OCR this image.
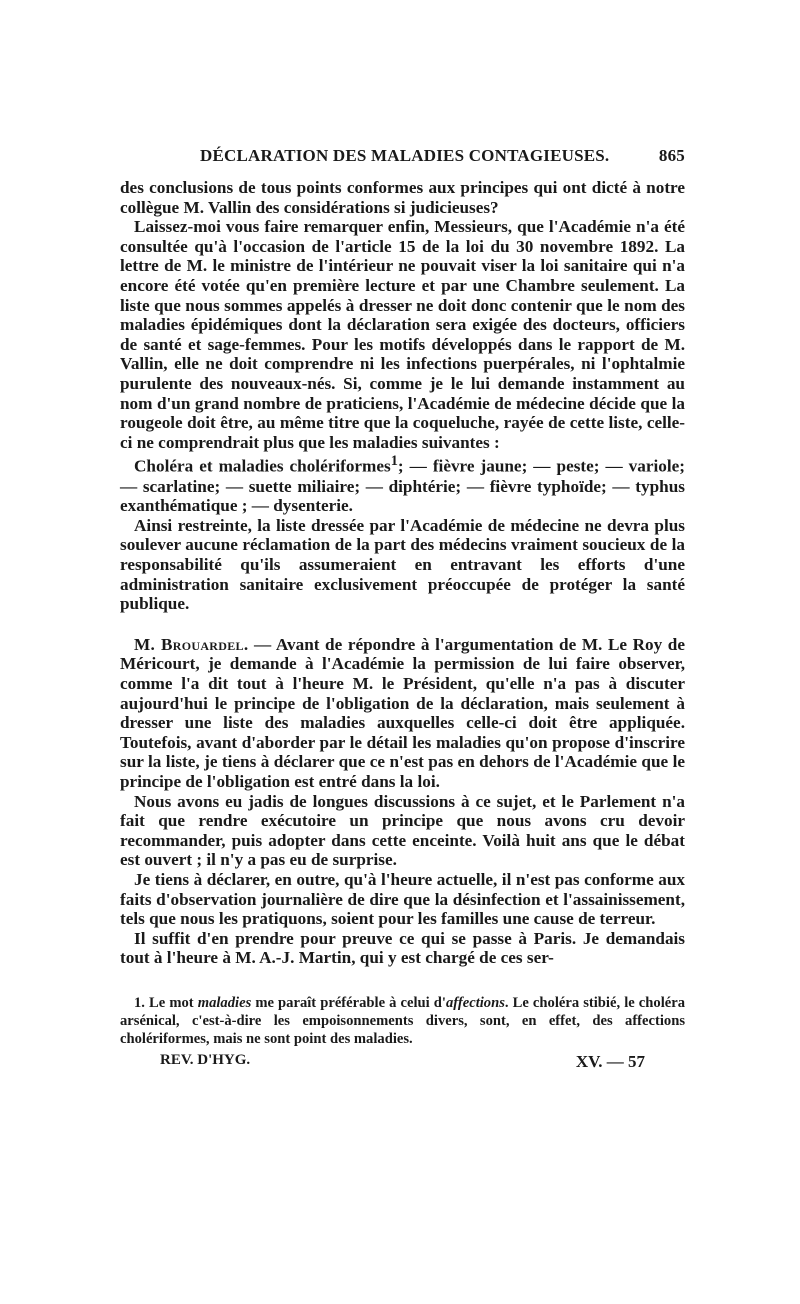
DÉCLARATION DES MALADIES CONTAGIEUSES.	865

des conclusions de tous points conformes aux principes qui ont dicté à notre collègue M. Vallin des considérations si judicieuses?

Laissez-moi vous faire remarquer enfin, Messieurs, que l'Académie n'a été consultée qu'à l'occasion de l'article 15 de la loi du 30 novembre 1892. La lettre de M. le ministre de l'intérieur ne pouvait viser la loi sanitaire qui n'a encore été votée qu'en première lecture et par une Chambre seulement. La liste que nous sommes appelés à dresser ne doit donc contenir que le nom des maladies épidémiques dont la déclaration sera exigée des docteurs, officiers de santé et sage-femmes. Pour les motifs développés dans le rapport de M. Vallin, elle ne doit comprendre ni les infections puerpérales, ni l'ophtalmie purulente des nouveaux-nés. Si, comme je le lui demande instamment au nom d'un grand nombre de praticiens, l'Académie de médecine décide que la rougeole doit être, au même titre que la coqueluche, rayée de cette liste, celle-ci ne comprendrait plus que les maladies suivantes :

Choléra et maladies cholériformes$^1$; — fièvre jaune; — peste; — variole; — scarlatine; — suette miliaire; — diphtérie; — fièvre typhoïde; — typhus exanthématique ; — dysenterie.

Ainsi restreinte, la liste dressée par l'Académie de médecine ne devra plus soulever aucune réclamation de la part des médecins vraiment soucieux de la responsabilité qu'ils assumeraient en entravant les efforts d'une administration sanitaire exclusivement préoccupée de protéger la santé publique.

M. Brouardel. — Avant de répondre à l'argumentation de M. Le Roy de Méricourt, je demande à l'Académie la permission de lui faire observer, comme l'a dit tout à l'heure M. le Président, qu'elle n'a pas à discuter aujourd'hui le principe de l'obligation de la déclaration, mais seulement à dresser une liste des maladies auxquelles celle-ci doit être appliquée. Toutefois, avant d'aborder par le détail les maladies qu'on propose d'inscrire sur la liste, je tiens à déclarer que ce n'est pas en dehors de l'Académie que le principe de l'obligation est entré dans la loi.

Nous avons eu jadis de longues discussions à ce sujet, et le Parlement n'a fait que rendre exécutoire un principe que nous avons cru devoir recommander, puis adopter dans cette enceinte. Voilà huit ans que le débat est ouvert ; il n'y a pas eu de surprise.

Je tiens à déclarer, en outre, qu'à l'heure actuelle, il n'est pas conforme aux faits d'observation journalière de dire que la désinfection et l'assainissement, tels que nous les pratiquons, soient pour les familles une cause de terreur.

Il suffit d'en prendre pour preuve ce qui se passe à Paris. Je demandais tout à l'heure à M. A.-J. Martin, qui y est chargé de ces ser-

1. Le mot maladies me paraît préférable à celui d'affections. Le choléra stibié, le choléra arsénical, c'est-à-dire les empoisonnements divers, sont, en effet, des affections cholériformes, mais ne sont point des maladies.

REV. D'HYG.	XV. — 57
